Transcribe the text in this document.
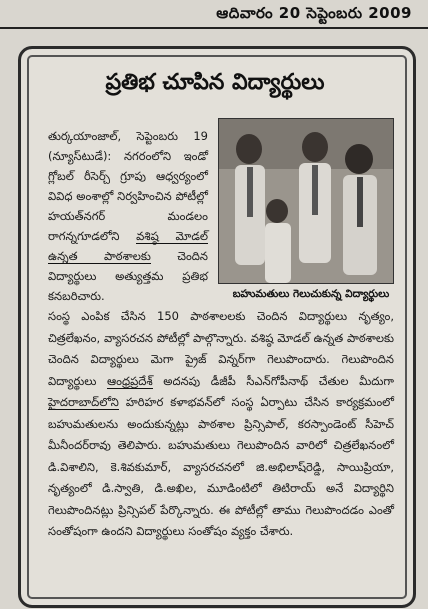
ఆదివారం 20 సెప్టెంబరు 2009
ప్రతిభ చూపిన విద్యార్థులు
తుర్కయాంజాల్, సెప్టెంబరు 19 (న్యూస్‌టుడే): నగరంలోని ఇండో గ్లోబల్ రీసెర్చ్ గ్రూపు ఆధ్వర్యంలో వివిధ అంశాల్లో నిర్వహించిన పోటీల్లో హయత్‌నగర్ మండలం రాగన్నగూడలోని వశిష్ఠ మోడల్ ఉన్నత పాఠశాలకు చెందిన విద్యార్థులు అత్యుత్తమ ప్రతిభ కనబరిచారు.	బహుమతులు గెలుచుకున్న విద్యార్థులు
సంస్థ ఎంపిక చేసిన 150 పాఠశాలలకు చెందిన విద్యార్థులు నృత్యం, చిత్రలేఖనం, వ్యాసరచన పోటీల్లో పాల్గొన్నారు. వశిష్ఠ మోడల్ ఉన్నత పాఠశాలకు చెందిన విద్యార్థులు మెగా ప్రైజ్ విన్నర్‌గా గెలుపొందారు. గెలుపొందిన విద్యార్థులు ఆంధ్రప్రదేశ్ అదనపు డీజీపీ సీఎన్‌గోపీనాథ్ చేతుల మీదుగా హైదరాబాద్‌లోని హరిహర కళాభవన్‌లో సంస్థ ఏర్పాటు చేసిన కార్యక్రమంలో బహుమతులను అందుకున్నట్లు పాఠశాల ప్రిన్సిపాల్, కరస్పాండెంట్ సీహెచ్ మీనీందర్‌రావు తెలిపారు. బహుమతులు గెలుపొందిన వారిలో చిత్రలేఖనంలో డి.విశాలిని, కె.శివకుమార్, వ్యాసరచనలో జి.అభిలాష్‌రెడ్డి, సాయిప్రియా, నృత్యంలో డి.స్వాతి, డి.అఖిల, మూడింటిలో తిటిరాయ్ అనే విద్యార్థిని గెలుపొందినట్లు ప్రిన్సిపల్ పేర్కొన్నారు. ఈ పోటీల్లో తాము గెలుపొందడం ఎంతో సంతోషంగా ఉందని విద్యార్థులు సంతోషం వ్యక్తం చేశారు.
